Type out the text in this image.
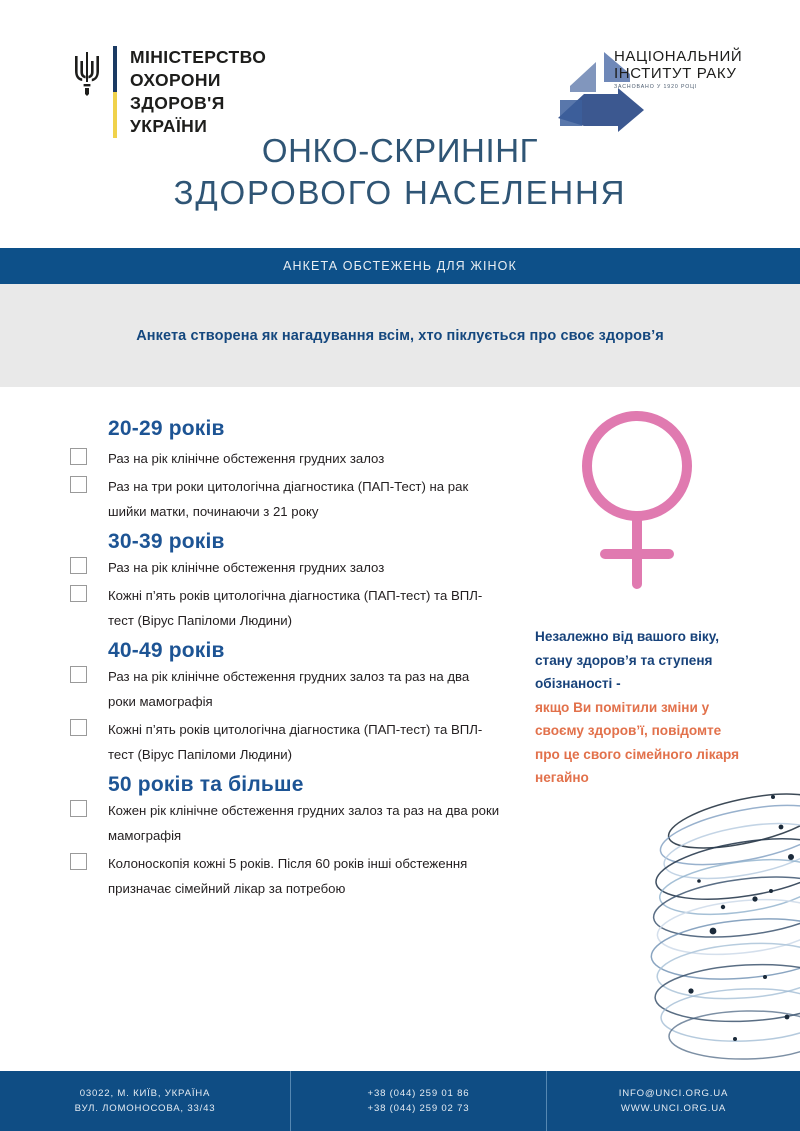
МІНІСТЕРСТВО
ОХОРОНИ
ЗДОРОВ'Я
УКРАЇНИ
НАЦІОНАЛЬНИЙ
ІНСТИТУТ РАКУ
ЗАСНОВАНО У 1920 РОЦІ
ОНКО-СКРИНІНГ
ЗДОРОВОГО НАСЕЛЕННЯ
АНКЕТА ОБСТЕЖЕНЬ ДЛЯ ЖІНОК
Анкета створена як нагадування всім, хто піклується про своє здоров’я
20-29 років
Раз на рік клінічне обстеження грудних залоз
Раз на три роки цитологічна діагностика (ПАП-Тест) на рак шийки матки, починаючи з 21 року
30-39 років
Раз на рік клінічне обстеження грудних залоз
Кожні п’ять років цитологічна діагностика (ПАП-тест) та ВПЛ-тест (Вірус Папіломи Людини)
40-49 років
Раз на рік клінічне обстеження грудних залоз та раз на два роки мамографія
Кожні п’ять років цитологічна діагностика (ПАП-тест) та ВПЛ-тест (Вірус Папіломи Людини)
50 років та більше
Кожен рік клінічне обстеження грудних залоз та раз на два роки мамографія
Колоноскопія кожні 5 років. Після 60 років інші обстеження призначає сімейний лікар за потребою

Незалежно від вашого віку, стану здоров’я та ступеня обізнаності -

якщо Ви помітили зміни у своєму здоров’ї, повідомте про це свого сімейного лікаря негайно

03022, М. КИЇВ, УКРАЇНА
ВУЛ. ЛОМОНОСОВА, 33/43
+38 (044) 259 01 86
+38 (044) 259 02 73
INFO@UNCI.ORG.UA
WWW.UNCI.ORG.UA
